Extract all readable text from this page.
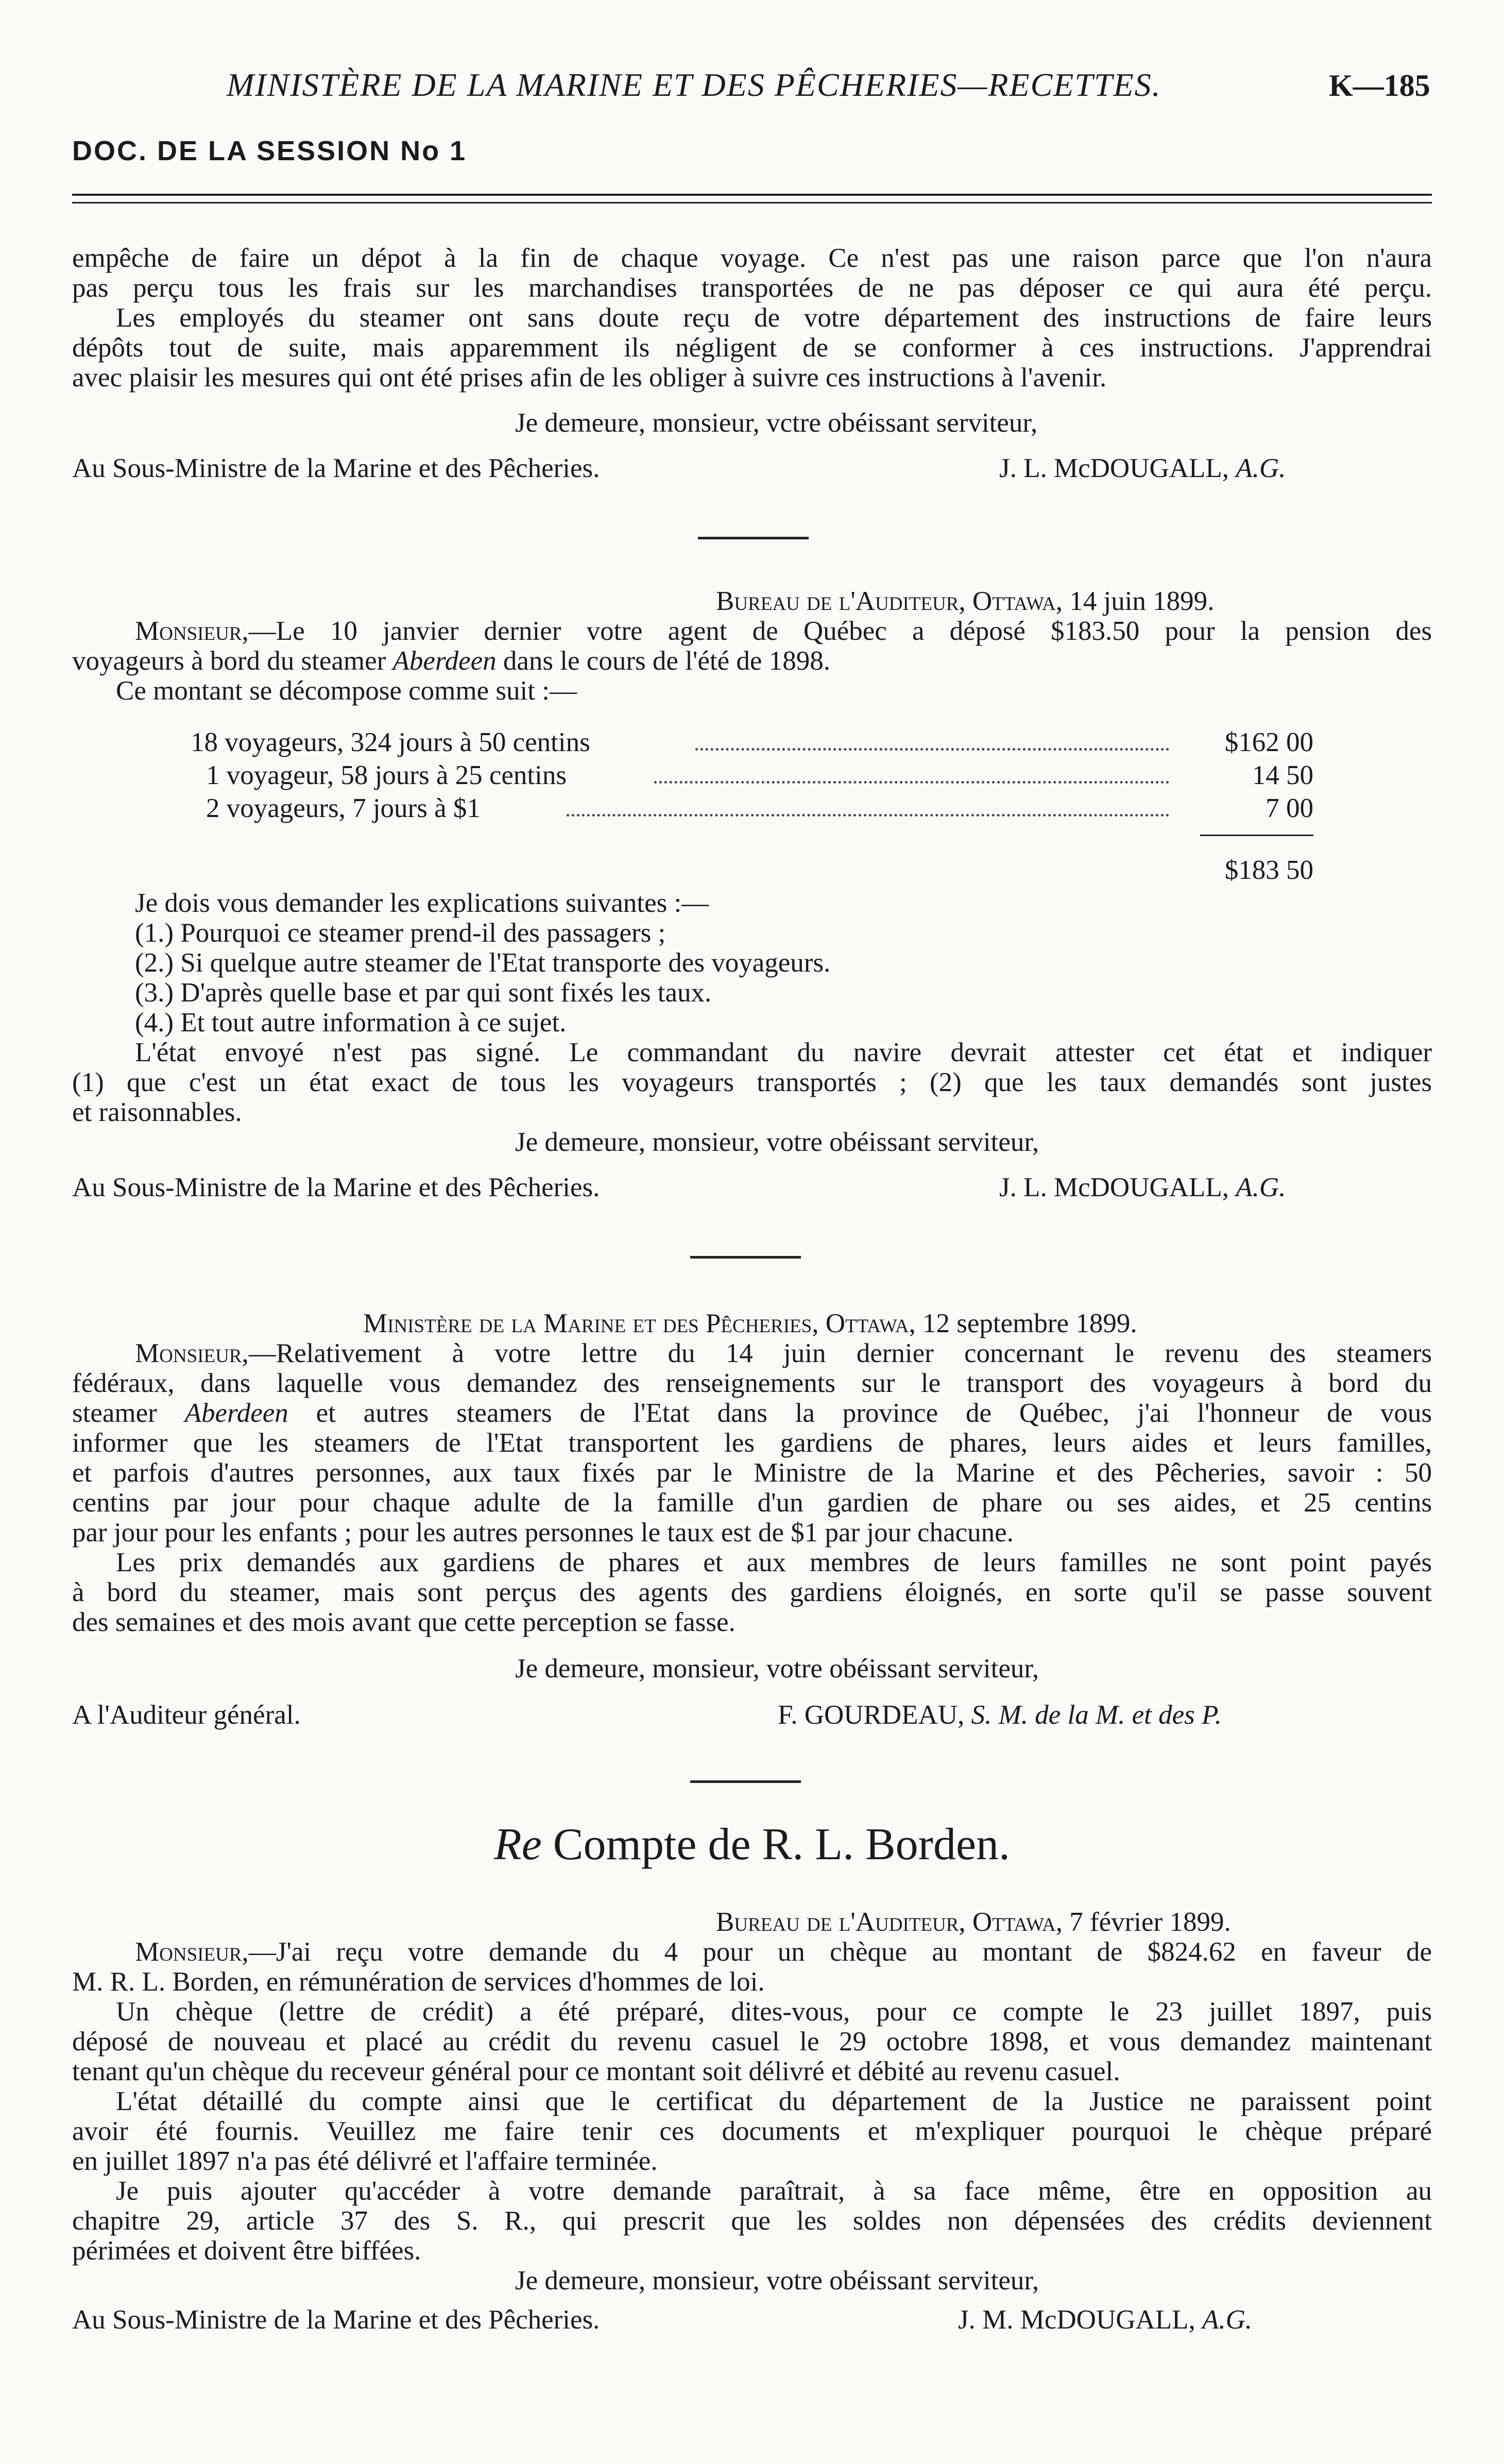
MINISTÈRE DE LA MARINE ET DES PÊCHERIES—RECETTES.	K—185
DOC. DE LA SESSION No 1
empêche de faire un dépot à la fin de chaque voyage. Ce n'est pas une raison parce que l'on n'aura
pas perçu tous les frais sur les marchandises transportées de ne pas déposer ce qui aura été perçu.
Les employés du steamer ont sans doute reçu de votre département des instructions de faire leurs
dépôts tout de suite, mais apparemment ils négligent de se conformer à ces instructions. J'apprendrai
avec plaisir les mesures qui ont été prises afin de les obliger à suivre ces instructions à l'avenir.
Je demeure, monsieur, vctre obéissant serviteur,
Au Sous-Ministre de la Marine et des Pêcheries.	J. L. McDOUGALL, A.G.
Bureau de l'Auditeur, Ottawa, 14 juin 1899.
Monsieur,—Le 10 janvier dernier votre agent de Québec a déposé $183.50 pour la pension des
voyageurs à bord du steamer Aberdeen dans le cours de l'été de 1898.
Ce montant se décompose comme suit :—
18 voyageurs, 324 jours à 50 centins	$162 00
1 voyageur, 58 jours à 25 centins	14 50
2 voyageurs, 7 jours à $1	7 00
$183 50
Je dois vous demander les explications suivantes :—
(1.) Pourquoi ce steamer prend-il des passagers ;
(2.) Si quelque autre steamer de l'Etat transporte des voyageurs.
(3.) D'après quelle base et par qui sont fixés les taux.
(4.) Et tout autre information à ce sujet.
L'état envoyé n'est pas signé. Le commandant du navire devrait attester cet état et indiquer
(1) que c'est un état exact de tous les voyageurs transportés ; (2) que les taux demandés sont justes
et raisonnables.
Je demeure, monsieur, votre obéissant serviteur,
Au Sous-Ministre de la Marine et des Pêcheries.	J. L. McDOUGALL, A.G.
Ministère de la Marine et des Pêcheries, Ottawa, 12 septembre 1899.
Monsieur,—Relativement à votre lettre du 14 juin dernier concernant le revenu des steamers
fédéraux, dans laquelle vous demandez des renseignements sur le transport des voyageurs à bord du
steamer Aberdeen et autres steamers de l'Etat dans la province de Québec, j'ai l'honneur de vous
informer que les steamers de l'Etat transportent les gardiens de phares, leurs aides et leurs familles,
et parfois d'autres personnes, aux taux fixés par le Ministre de la Marine et des Pêcheries, savoir : 50
centins par jour pour chaque adulte de la famille d'un gardien de phare ou ses aides, et 25 centins
par jour pour les enfants ; pour les autres personnes le taux est de $1 par jour chacune.
Les prix demandés aux gardiens de phares et aux membres de leurs familles ne sont point payés
à bord du steamer, mais sont perçus des agents des gardiens éloignés, en sorte qu'il se passe souvent
des semaines et des mois avant que cette perception se fasse.
Je demeure, monsieur, votre obéissant serviteur,
A l'Auditeur général.	F. GOURDEAU, S. M. de la M. et des P.
Re Compte de R. L. Borden.
Bureau de l'Auditeur, Ottawa, 7 février 1899.
Monsieur,—J'ai reçu votre demande du 4 pour un chèque au montant de $824.62 en faveur de
M. R. L. Borden, en rémunération de services d'hommes de loi.
Un chèque (lettre de crédit) a été préparé, dites-vous, pour ce compte le 23 juillet 1897, puis
déposé de nouveau et placé au crédit du revenu casuel le 29 octobre 1898, et vous demandez maintenant
tenant qu'un chèque du receveur général pour ce montant soit délivré et débité au revenu casuel.
L'état détaillé du compte ainsi que le certificat du département de la Justice ne paraissent point
avoir été fournis. Veuillez me faire tenir ces documents et m'expliquer pourquoi le chèque préparé
en juillet 1897 n'a pas été délivré et l'affaire terminée.
Je puis ajouter qu'accéder à votre demande paraîtrait, à sa face même, être en opposition au
chapitre 29, article 37 des S. R., qui prescrit que les soldes non dépensées des crédits deviennent
périmées et doivent être biffées.
Je demeure, monsieur, votre obéissant serviteur,
Au Sous-Ministre de la Marine et des Pêcheries.	J. M. McDOUGALL, A.G.
